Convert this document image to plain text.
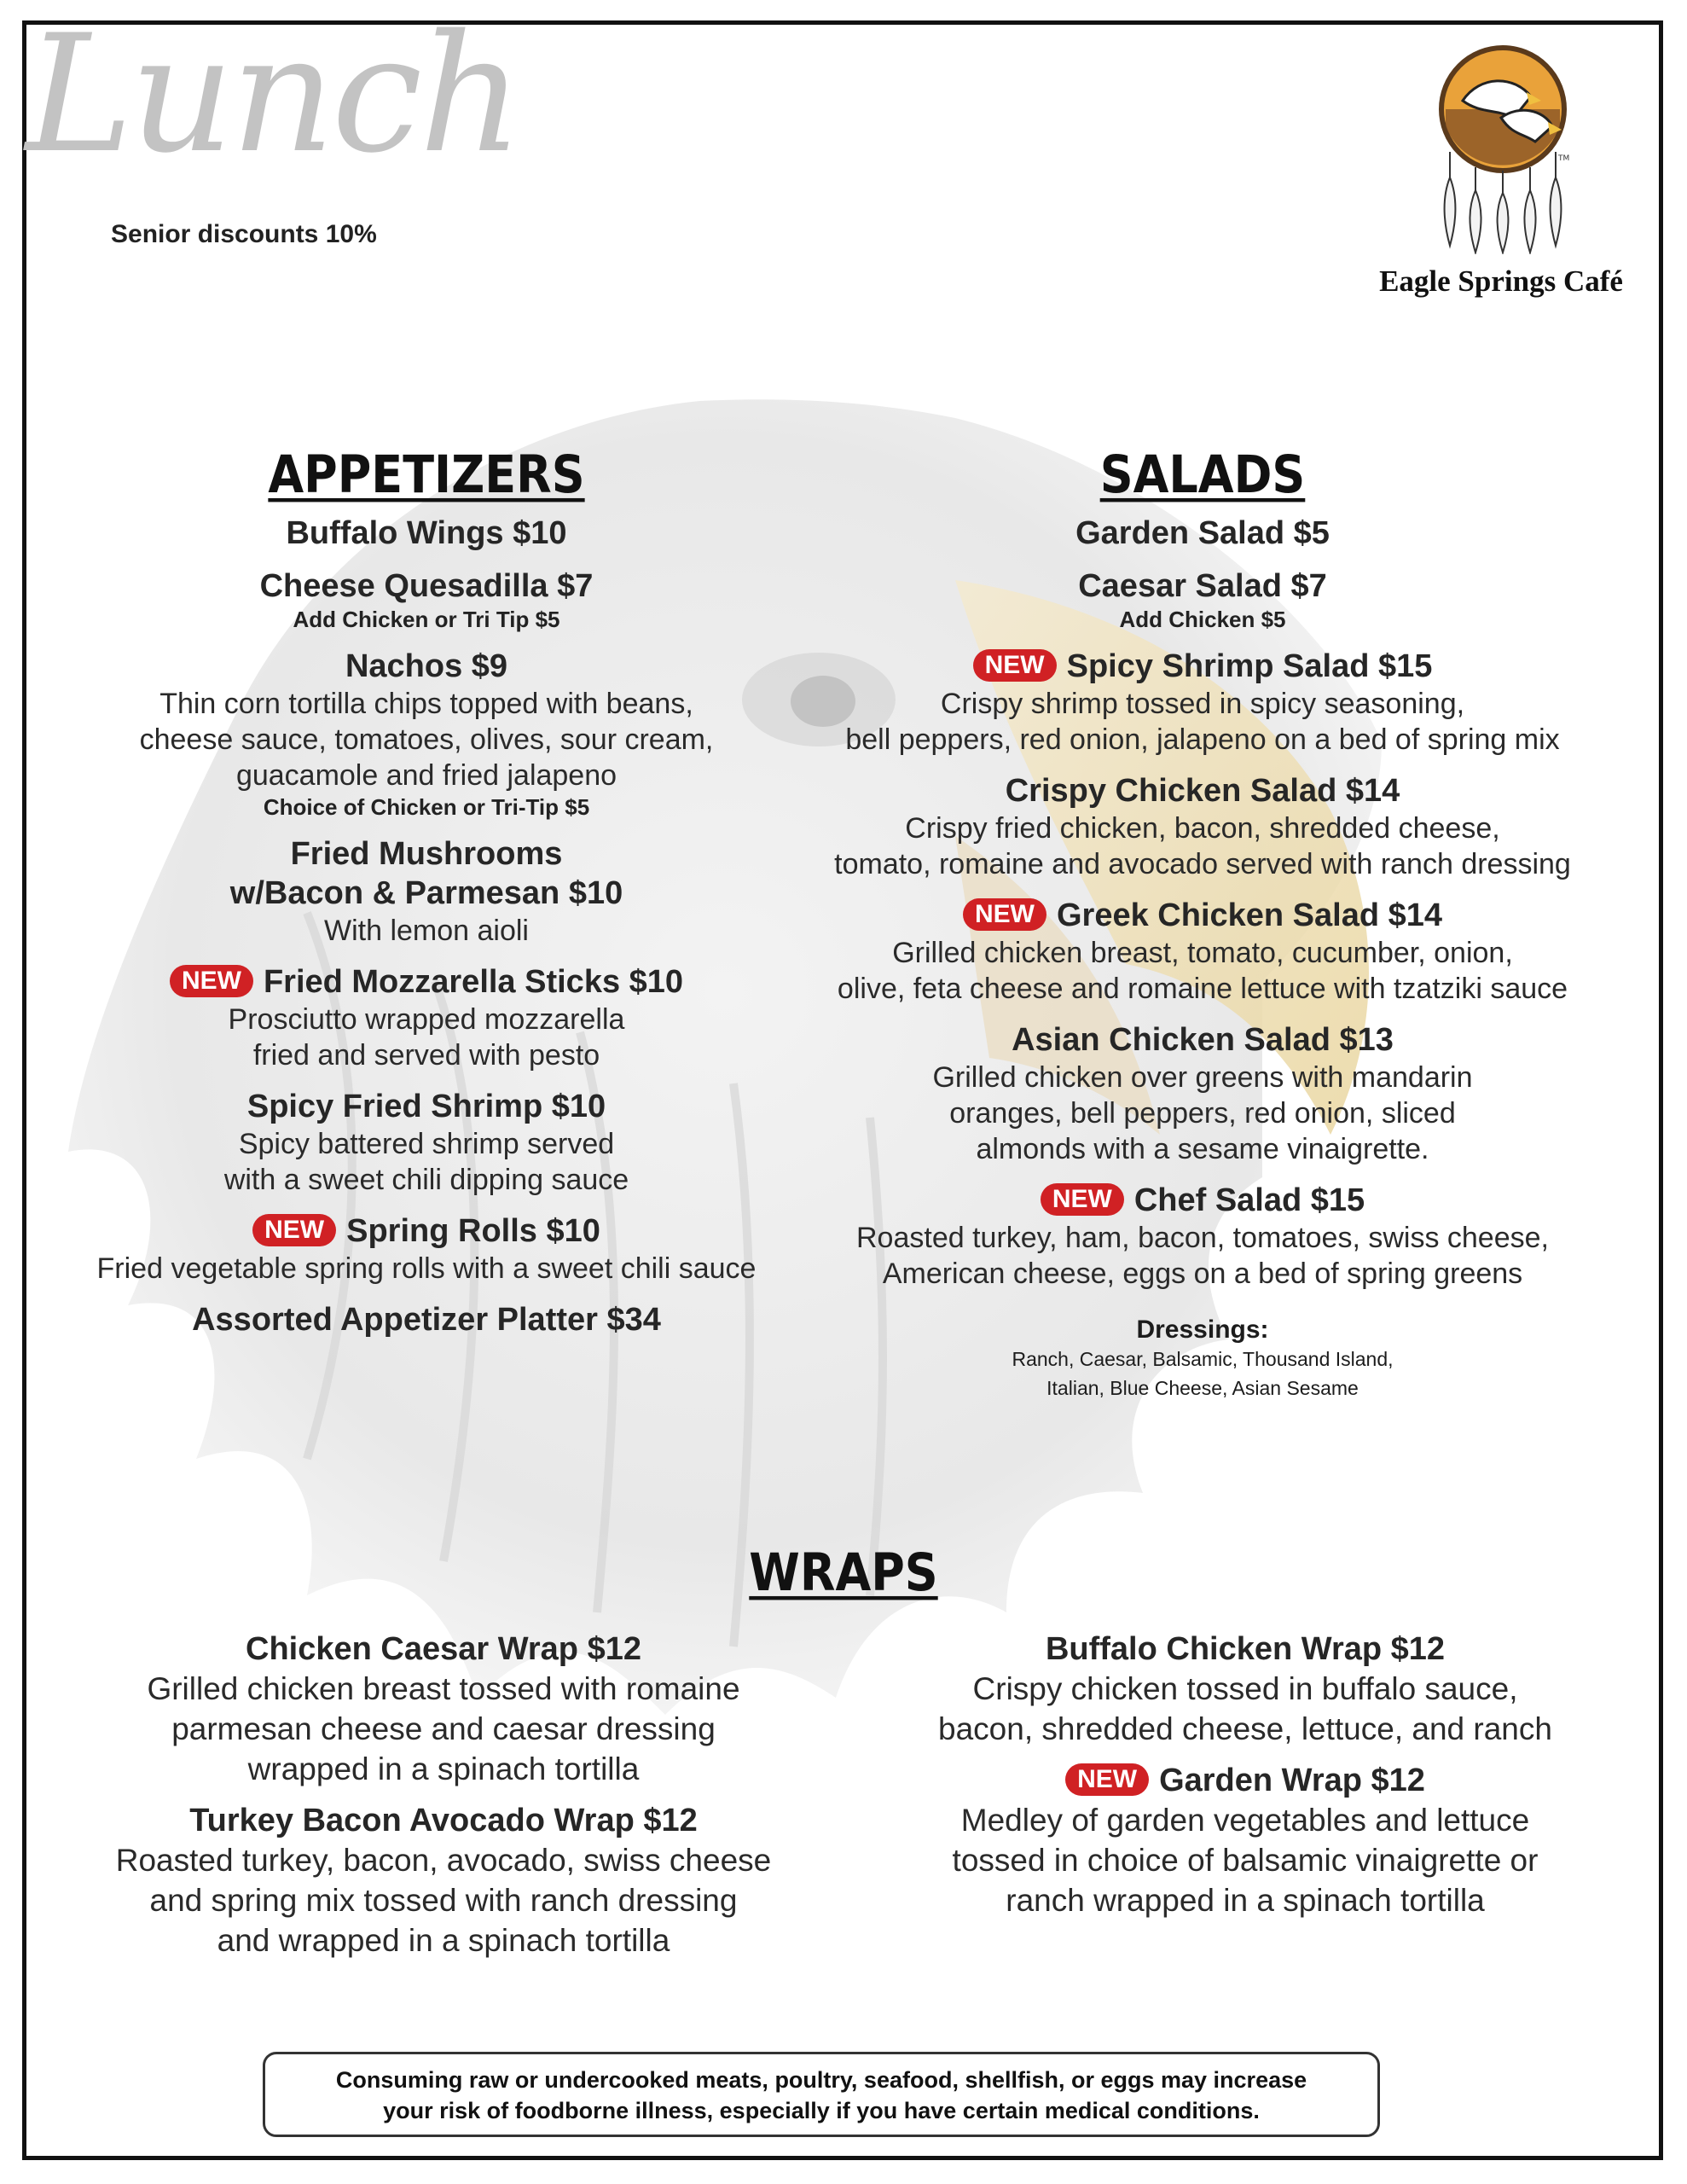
Lunch
Senior discounts 10%
TM
Eagle Springs Café
APPETIZERS
Buffalo Wings $10
Cheese Quesadilla $7
Add Chicken or Tri Tip $5
Nachos $9
Thin corn tortilla chips topped with beans,
cheese sauce, tomatoes, olives, sour cream,
guacamole and fried jalapeno
Choice of Chicken or Tri-Tip $5
Fried Mushrooms
w/Bacon & Parmesan $10
With lemon aioli
NEW Fried Mozzarella Sticks $10
Prosciutto wrapped mozzarella
fried and served with pesto
Spicy Fried Shrimp $10
Spicy battered shrimp served
with a sweet chili dipping sauce
NEW Spring Rolls $10
Fried vegetable spring rolls with a sweet chili sauce
Assorted Appetizer Platter $34
SALADS
Garden Salad $5
Caesar Salad $7
Add Chicken $5
NEW Spicy Shrimp Salad $15
Crispy shrimp tossed in spicy seasoning,
bell peppers, red onion, jalapeno on a bed of spring mix
Crispy Chicken Salad $14
Crispy fried chicken, bacon, shredded cheese,
tomato, romaine and avocado served with ranch dressing
NEW Greek Chicken Salad $14
Grilled chicken breast, tomato, cucumber, onion,
olive, feta cheese and romaine lettuce with tzatziki sauce
Asian Chicken Salad $13
Grilled chicken over greens with mandarin
oranges, bell peppers, red onion, sliced
almonds with a sesame vinaigrette.
NEW Chef Salad $15
Roasted turkey, ham, bacon, tomatoes, swiss cheese,
American cheese, eggs on a bed of spring greens
Dressings:
Ranch, Caesar, Balsamic, Thousand Island,
Italian, Blue Cheese, Asian Sesame
WRAPS
Chicken Caesar Wrap $12
Grilled chicken breast tossed with romaine
parmesan cheese and caesar dressing
wrapped in a spinach tortilla
Turkey Bacon Avocado Wrap $12
Roasted turkey, bacon, avocado, swiss cheese
and spring mix tossed with ranch dressing
and wrapped in a spinach tortilla
Buffalo Chicken Wrap $12
Crispy chicken tossed in buffalo sauce,
bacon, shredded cheese, lettuce, and ranch
NEW Garden Wrap $12
Medley of garden vegetables and lettuce
tossed in choice of balsamic vinaigrette or
ranch wrapped in a spinach tortilla
Consuming raw or undercooked meats, poultry, seafood, shellfish, or eggs may increase
your risk of foodborne illness, especially if you have certain medical conditions.
